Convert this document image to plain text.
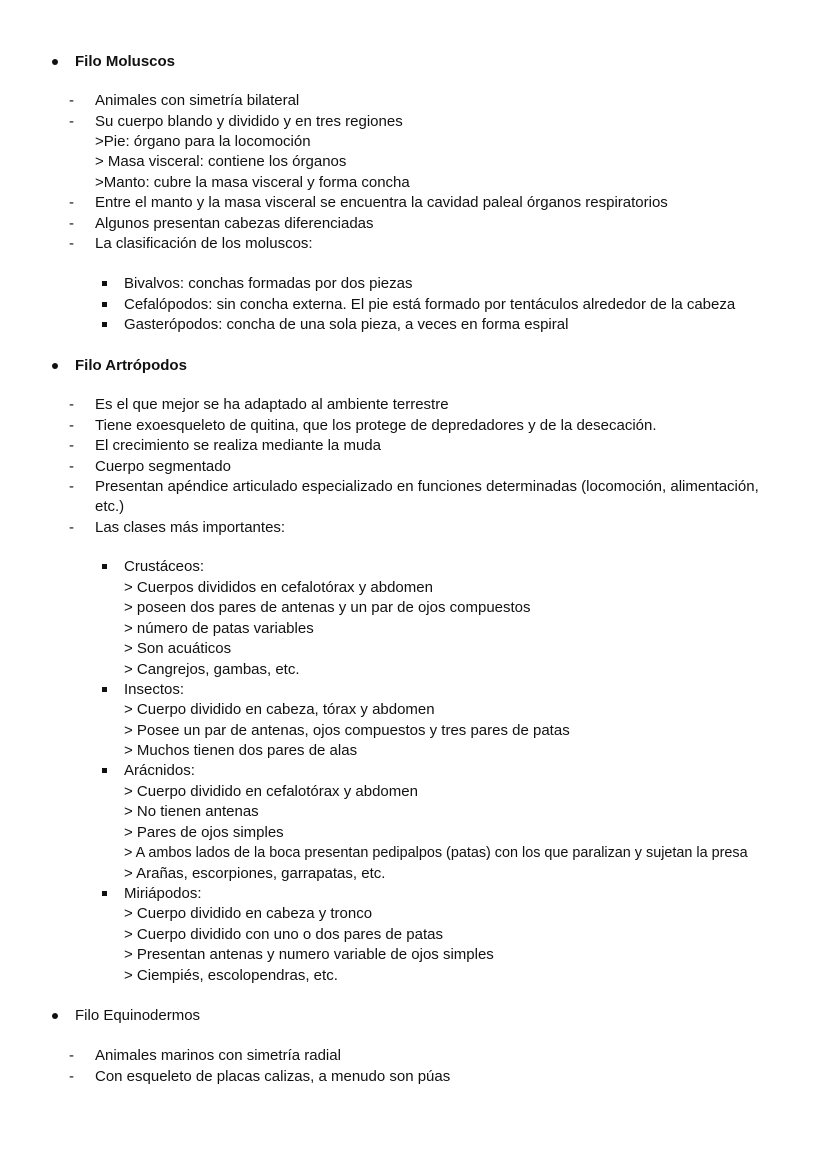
Filo Moluscos
- Animales con simetría bilateral
- Su cuerpo blando y dividido y en tres regiones
>Pie: órgano para la locomoción
> Masa visceral: contiene los órganos
>Manto: cubre la masa visceral y forma concha
- Entre el manto y la masa visceral se encuentra la cavidad paleal órganos respiratorios
- Algunos presentan cabezas diferenciadas
- La clasificación de los moluscos:
Bivalvos: conchas formadas por dos piezas
Cefalópodos: sin concha externa. El pie está formado por tentáculos alrededor de la cabeza
Gasterópodos: concha de una sola pieza, a veces en forma espiral
Filo Artrópodos
- Es el que mejor se ha adaptado al ambiente terrestre
- Tiene exoesqueleto de quitina, que los protege de depredadores y de la desecación.
- El crecimiento se realiza mediante la muda
- Cuerpo segmentado
- Presentan apéndice articulado especializado en funciones determinadas (locomoción, alimentación,
etc.)
- Las clases más importantes:
Crustáceos:
> Cuerpos divididos en cefalotórax y abdomen
> poseen dos pares de antenas y un par de ojos compuestos
> número de patas variables
> Son acuáticos
> Cangrejos, gambas, etc.
Insectos:
> Cuerpo dividido en cabeza, tórax y abdomen
> Posee un par de antenas, ojos compuestos y tres pares de patas
> Muchos tienen dos pares de alas
Arácnidos:
> Cuerpo dividido en cefalotórax y abdomen
> No tienen antenas
> Pares de ojos simples
> A ambos lados de la boca presentan pedipalpos (patas) con los que paralizan y sujetan la presa
> Arañas, escorpiones, garrapatas, etc.
Miriápodos:
> Cuerpo dividido en cabeza y tronco
> Cuerpo dividido con uno o dos pares de patas
> Presentan antenas y numero variable de ojos simples
> Ciempiés, escolopendras, etc.
Filo Equinodermos
- Animales marinos con simetría radial
- Con esqueleto de placas calizas, a menudo son púas
